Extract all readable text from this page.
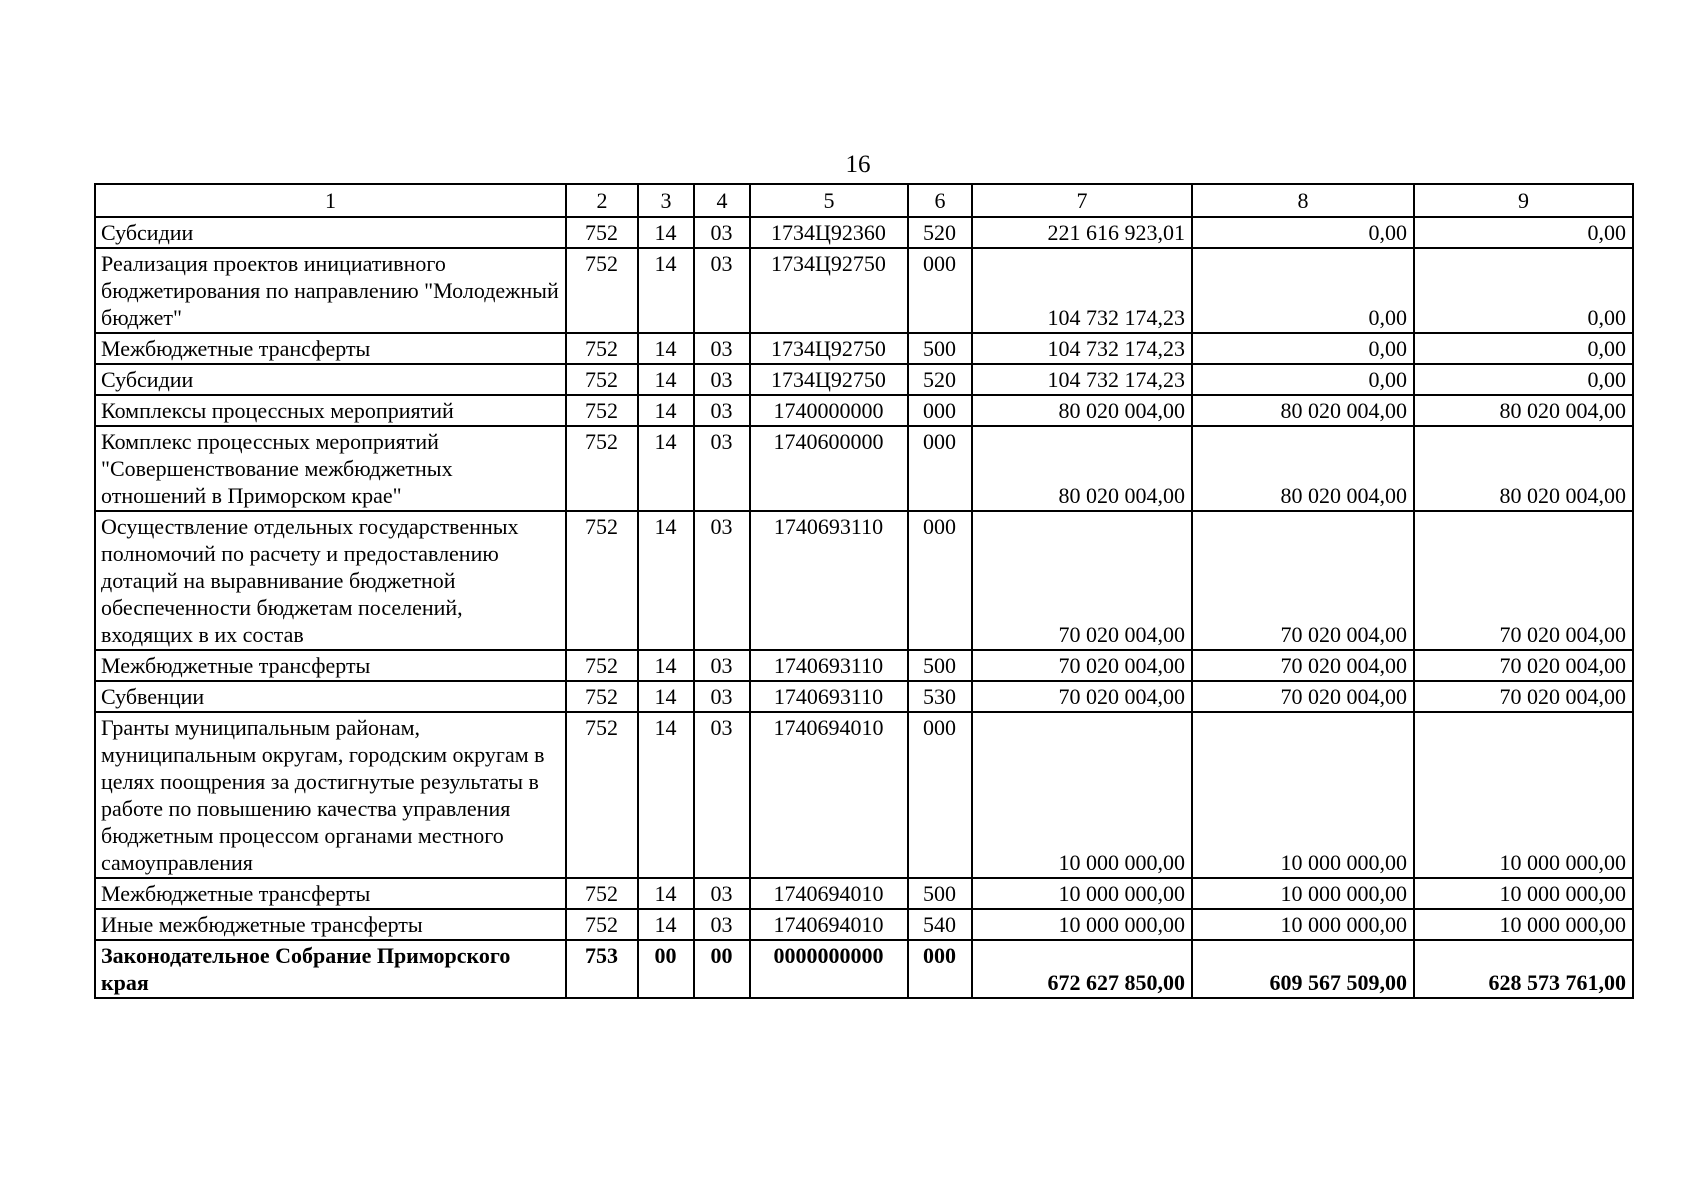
16
1	2	3	4	5	6	7	8	9
Субсидии	752	14	03	1734Ц92360	520	221 616 923,01	0,00	0,00
Реализация проектов инициативного бюджетирования по направлению "Молодежный бюджет"	752	14	03	1734Ц92750	000	104 732 174,23	0,00	0,00
Межбюджетные трансферты	752	14	03	1734Ц92750	500	104 732 174,23	0,00	0,00
Субсидии	752	14	03	1734Ц92750	520	104 732 174,23	0,00	0,00
Комплексы процессных мероприятий	752	14	03	1740000000	000	80 020 004,00	80 020 004,00	80 020 004,00
Комплекс процессных мероприятий "Совершенствование межбюджетных отношений в Приморском крае"	752	14	03	1740600000	000	80 020 004,00	80 020 004,00	80 020 004,00
Осуществление отдельных государственных полномочий по расчету и предоставлению дотаций на выравнивание бюджетной обеспеченности бюджетам поселений, входящих в их состав	752	14	03	1740693110	000	70 020 004,00	70 020 004,00	70 020 004,00
Межбюджетные трансферты	752	14	03	1740693110	500	70 020 004,00	70 020 004,00	70 020 004,00
Субвенции	752	14	03	1740693110	530	70 020 004,00	70 020 004,00	70 020 004,00
Гранты муниципальным районам, муниципальным округам, городским округам в целях поощрения за достигнутые результаты в работе по повышению качества управления бюджетным процессом органами местного самоуправления	752	14	03	1740694010	000	10 000 000,00	10 000 000,00	10 000 000,00
Межбюджетные трансферты	752	14	03	1740694010	500	10 000 000,00	10 000 000,00	10 000 000,00
Иные межбюджетные трансферты	752	14	03	1740694010	540	10 000 000,00	10 000 000,00	10 000 000,00
Законодательное Собрание Приморского края	753	00	00	0000000000	000	672 627 850,00	609 567 509,00	628 573 761,00
